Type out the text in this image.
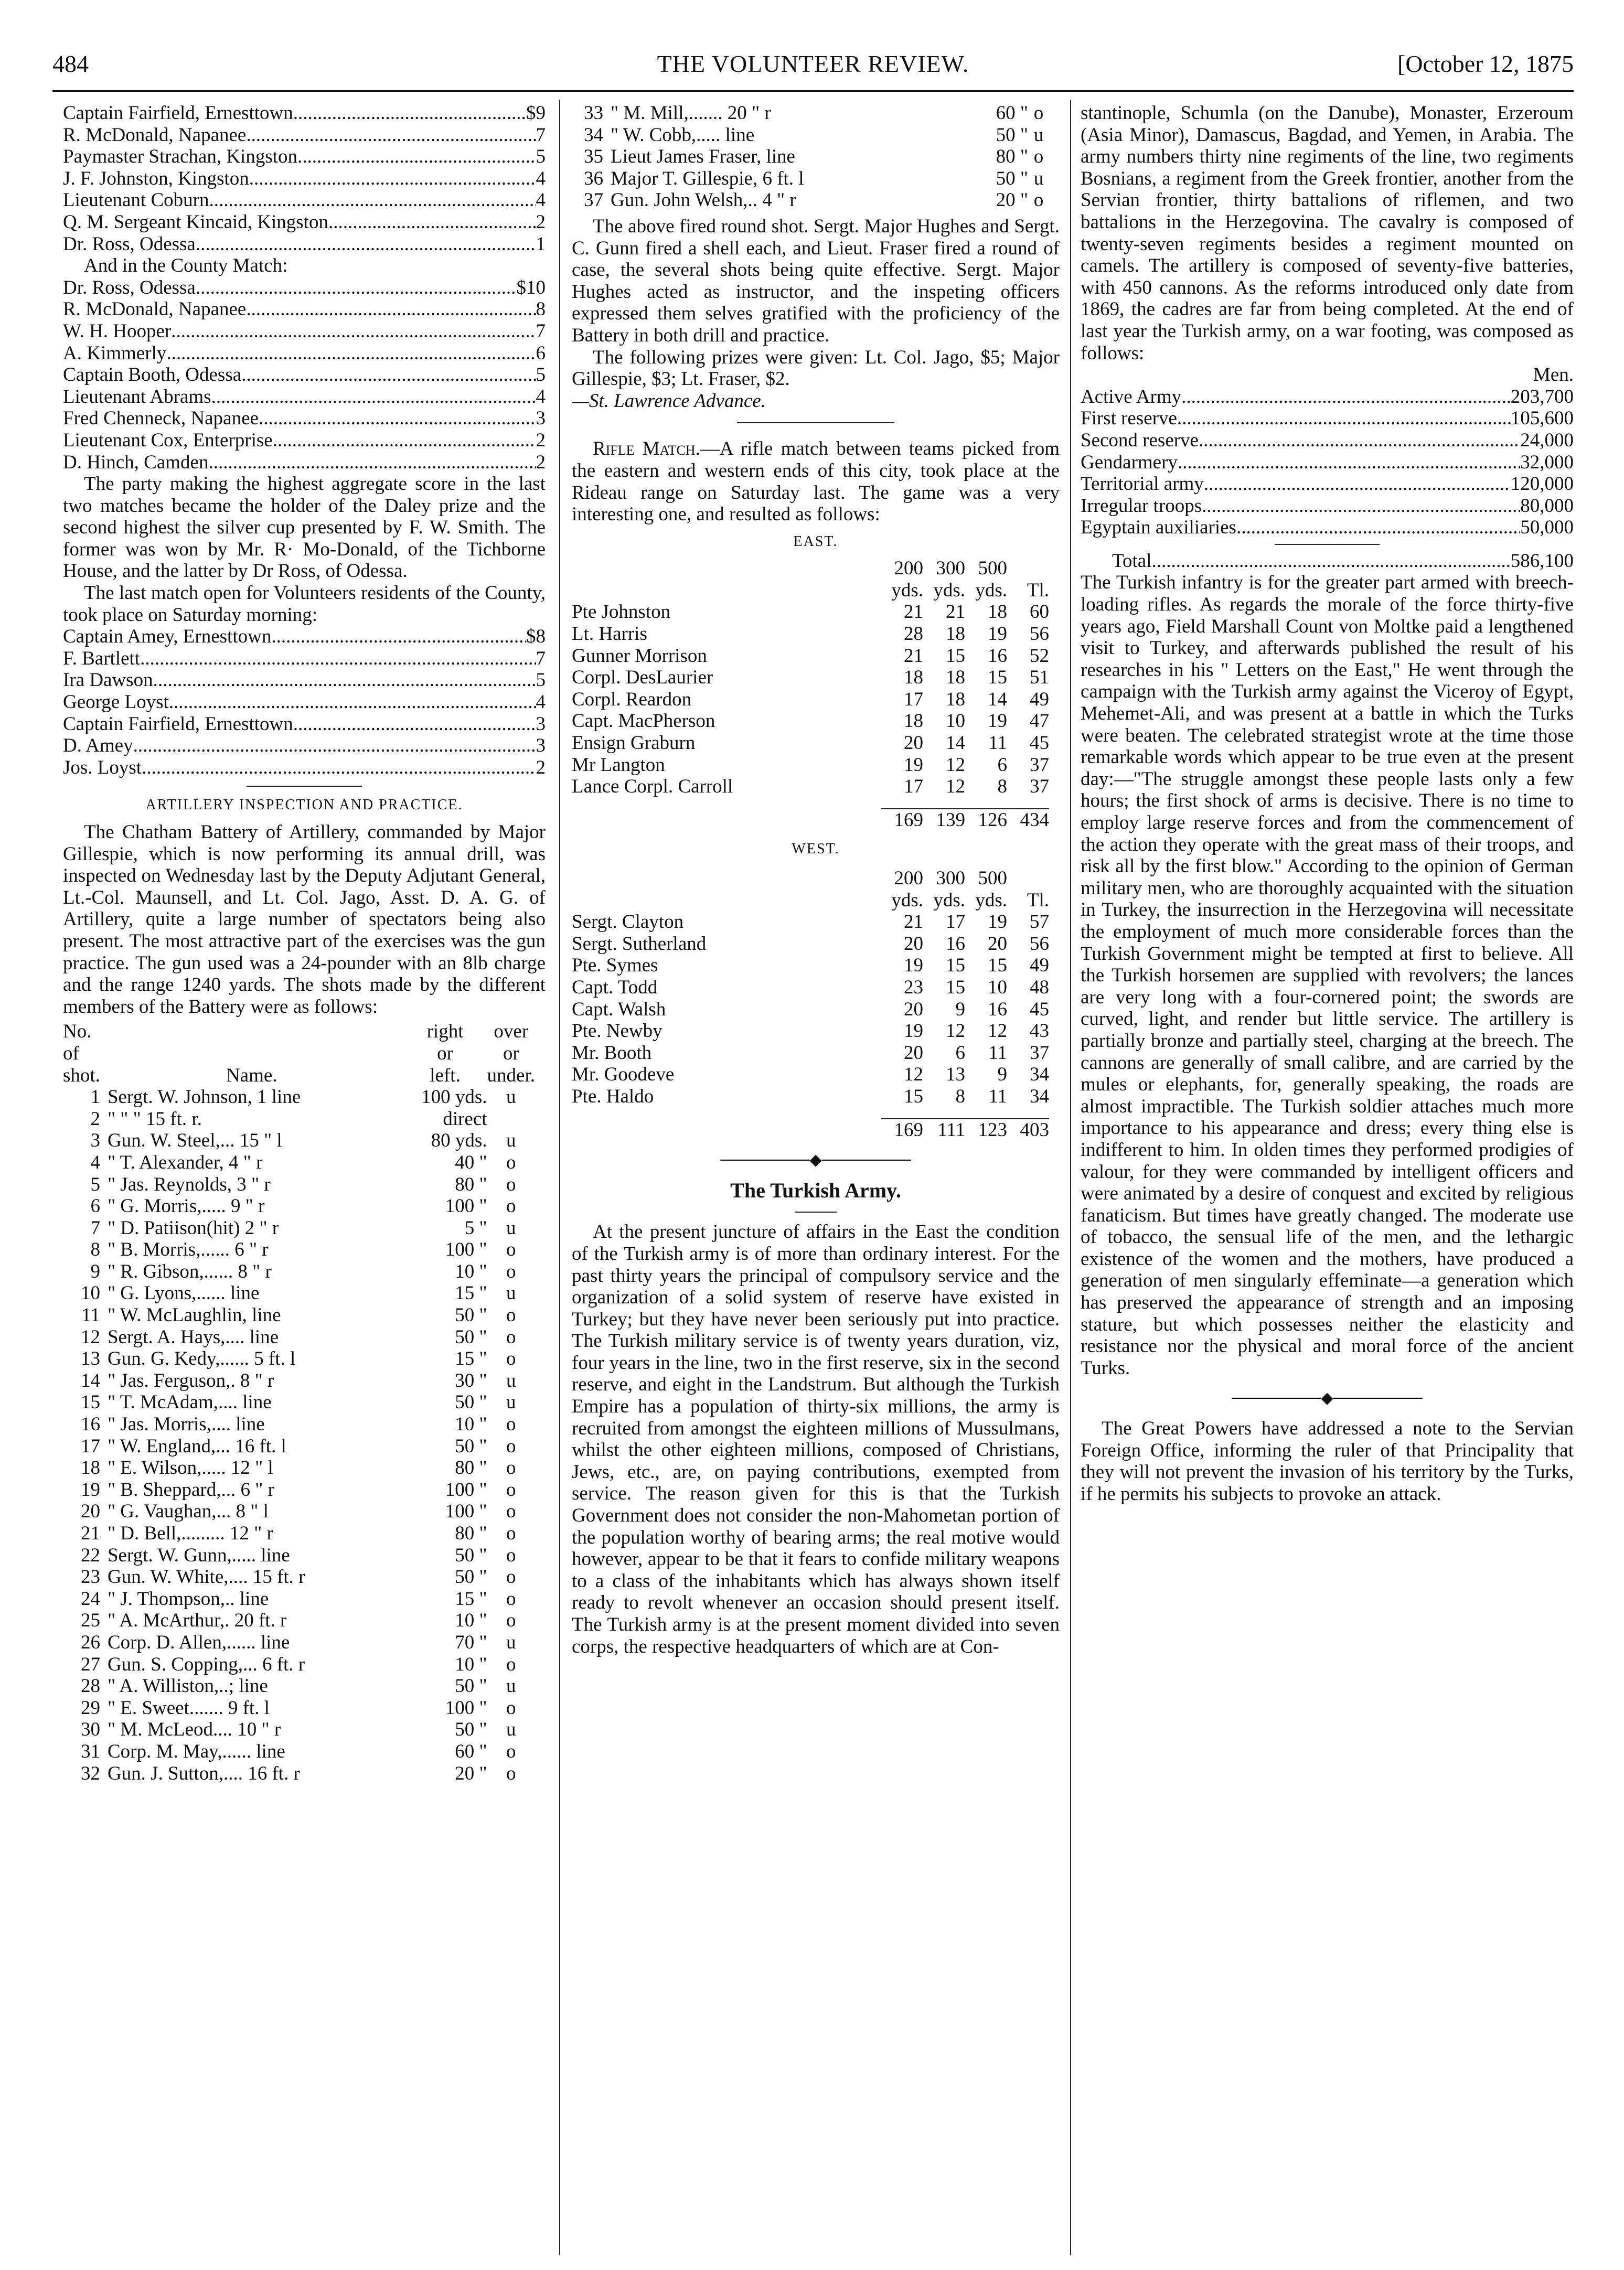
484	THE VOLUNTEER REVIEW.	[October 12, 1875
Captain Fairfield, Ernesttown .....	$9
R. McDonald, Napanee .....	7
Paymaster Strachan, Kingston .....	5
J. F. Johnston, Kingston .....	4
Lieutenant Coburn .....	4
Q. M. Sergeant Kincaid, Kingston .....	2
Dr. Ross, Odessa .....	1

And in the County Match:

Dr. Ross, Odessa .....	$10
R. McDonald, Napanee .....	8
W. H. Hooper .....	7
A. Kimmerly .....	6
Captain Booth, Odessa .....	5
Lieutenant Abrams .....	4
Fred Chenneck, Napanee .....	3
Lieutenant Cox, Enterprise .....	2
D. Hinch, Camden .....	2

The party making the highest aggregate score in the last two matches became the holder of the Daley prize and the second highest the silver cup presented by F. W. Smith. The former was won by Mr. R· Mo-Donald, of the Tichborne House, and the latter by Dr Ross, of Odessa.

The last match open for Volunteers residents of the County, took place on Saturday morning:

Captain Amey, Ernesttown .....	$8
F. Bartlett .....	7
Ira Dawson .....	5
George Loyst .....	4
Captain Fairfield, Ernesttown .....	3
D. Amey .....	3
Jos. Loyst .....	2
ARTILLERY INSPECTION AND PRACTICE.

The Chatham Battery of Artillery, commanded by Major Gillespie, which is now performing its annual drill, was inspected on Wednesday last by the Deputy Adjutant General, Lt.-Col. Maunsell, and Lt. Col. Jago, Asst. D. A. G. of Artillery, quite a large number of spectators being also present. The most attractive part of the exercises was the gun practice. The gun used was a 24-pounder with an 8lb charge and the range 1240 yards. The shots made by the different members of the Battery were as follows:

No.		right	over
of		or	or
shot.	Name.	left.	under.
1	Sergt. W. Johnson, 1 line	100 yds.	u
2	" " " 15 ft. r.	direct	
3	Gun. W. Steel,... 15 " l	80 yds.	u
4	" T. Alexander, 4 " r	40 "	o
5	" Jas. Reynolds, 3 " r	80 "	o
6	" G. Morris,..... 9 " r	100 "	o
7	" D. Patiison(hit) 2 " r	5 "	u
8	" B. Morris,...... 6 " r	100 "	o
9	" R. Gibson,...... 8 " r	10 "	o
10	" G. Lyons,...... line	15 "	u
11	" W. McLaughlin, line	50 "	o
12	Sergt. A. Hays,.... line	50 "	o
13	Gun. G. Kedy,...... 5 ft. l	15 "	o
14	" Jas. Ferguson,. 8 " r	30 "	u
15	" T. McAdam,.... line	50 "	u
16	" Jas. Morris,.... line	10 "	o
17	" W. England,... 16 ft. l	50 "	o
18	" E. Wilson,..... 12 " l	80 "	o
19	" B. Sheppard,... 6 " r	100 "	o
20	" G. Vaughan,... 8 " l	100 "	o
21	" D. Bell,......... 12 " r	80 "	o
22	Sergt. W. Gunn,..... line	50 "	o
23	Gun. W. White,.... 15 ft. r	50 "	o
24	" J. Thompson,.. line	15 "	o
25	" A. McArthur,. 20 ft. r	10 "	o
26	Corp. D. Allen,...... line	70 "	u
27	Gun. S. Copping,... 6 ft. r	10 "	o
28	" A. Williston,..; line	50 "	u
29	" E. Sweet....... 9 ft. l	100 "	o
30	" M. McLeod.... 10 " r	50 "	u
31	Corp. M. May,...... line	60 "	o
32	Gun. J. Sutton,.... 16 ft. r	20 "	o
33	" M. Mill,....... 20 " r	60 "	o
34	" W. Cobb,..... line	50 "	u
35	Lieut James Fraser, line	80 "	o
36	Major T. Gillespie, 6 ft. l	50 "	u
37	Gun. John Welsh,.. 4 " r	20 "	o

The above fired round shot. Sergt. Major Hughes and Sergt. C. Gunn fired a shell each, and Lieut. Fraser fired a round of case, the several shots being quite effective. Sergt. Major Hughes acted as instructor, and the inspeting officers expressed them selves gratified with the proficiency of the Battery in both drill and practice.

The following prizes were given: Lt. Col. Jago, $5; Major Gillespie, $3; Lt. Fraser, $2.

—St. Lawrence Advance.

Rifle Match.—A rifle match between teams picked from the eastern and western ends of this city, took place at the Rideau range on Saturday last. The game was a very interesting one, and resulted as follows:

EAST.
	200	300	500	
	yds.	yds.	yds.	Tl.
Pte Johnston	21	21	18	60
Lt. Harris	28	18	19	56
Gunner Morrison	21	15	16	52
Corpl. DesLaurier	18	18	15	51
Corpl. Reardon	17	18	14	49
Capt. MacPherson	18	10	19	47
Ensign Graburn	20	14	11	45
Mr Langton	19	12	6	37
Lance Corpl. Carroll	17	12	8	37

	169	139	126	434
WEST.
	200	300	500	
	yds.	yds.	yds.	Tl.
Sergt. Clayton	21	17	19	57
Sergt. Sutherland	20	16	20	56
Pte. Symes	19	15	15	49
Capt. Todd	23	15	10	48
Capt. Walsh	20	9	16	45
Pte. Newby	19	12	12	43
Mr. Booth	20	6	11	37
Mr. Goodeve	12	13	9	34
Pte. Haldo	15	8	11	34

	169	111	123	403
────────◆────────
The Turkish Army.

At the present juncture of affairs in the East the condition of the Turkish army is of more than ordinary interest. For the past thirty years the principal of compulsory service and the organization of a solid system of reserve have existed in Turkey; but they have never been seriously put into practice. The Turkish military service is of twenty years duration, viz, four years in the line, two in the first reserve, six in the second reserve, and eight in the Landstrum. But although the Turkish Empire has a population of thirty-six millions, the army is recruited from amongst the eighteen millions of Mussulmans, whilst the other eighteen millions, composed of Christians, Jews, etc., are, on paying contributions, exempted from service. The reason given for this is that the Turkish Government does not consider the non-Mahometan portion of the population worthy of bearing arms; the real motive would however, appear to be that it fears to confide military weapons to a class of the inhabitants which has always shown itself ready to revolt whenever an occasion should present itself. The Turkish army is at the present moment divided into seven corps, the respective headquarters of which are at Con-

stantinople, Schumla (on the Danube), Monaster, Erzeroum (Asia Minor), Damascus, Bagdad, and Yemen, in Arabia. The army numbers thirty nine regiments of the line, two regiments Bosnians, a regiment from the Greek frontier, another from the Servian frontier, thirty battalions of riflemen, and two battalions in the Herzegovina. The cavalry is composed of twenty-seven regiments besides a regiment mounted on camels. The artillery is composed of seventy-five batteries, with 450 cannons. As the reforms introduced only date from 1869, the cadres are far from being completed. At the end of last year the Turkish army, on a war footing, was composed as follows:

Men.
Active Army .....	203,700
First reserve .....	105,600
Second reserve .....	24,000
Gendarmery .....	32,000
Territorial army .....	120,000
Irregular troops .....	80,000
Egyptain auxiliaries .....	50,000
Total .....	586,100

The Turkish infantry is for the greater part armed with breech-loading rifles. As regards the morale of the force thirty-five years ago, Field Marshall Count von Moltke paid a lengthened visit to Turkey, and afterwards published the result of his researches in his " Letters on the East," He went through the campaign with the Turkish army against the Viceroy of Egypt, Mehemet-Ali, and was present at a battle in which the Turks were beaten. The celebrated strategist wrote at the time those remarkable words which appear to be true even at the present day:—"The struggle amongst these people lasts only a few hours; the first shock of arms is decisive. There is no time to employ large reserve forces and from the commencement of the action they operate with the great mass of their troops, and risk all by the first blow." According to the opinion of German military men, who are thoroughly acquainted with the situation in Turkey, the insurrection in the Herzegovina will necessitate the employment of much more considerable forces than the Turkish Government might be tempted at first to believe. All the Turkish horsemen are supplied with revolvers; the lances are very long with a four-cornered point; the swords are curved, light, and render but little service. The artillery is partially bronze and partially steel, charging at the breech. The cannons are generally of small calibre, and are carried by the mules or elephants, for, generally speaking, the roads are almost impractible. The Turkish soldier attaches much more importance to his appearance and dress; every thing else is indifferent to him. In olden times they performed prodigies of valour, for they were commanded by intelligent officers and were animated by a desire of conquest and excited by religious fanaticism. But times have greatly changed. The moderate use of tobacco, the sensual life of the men, and the lethargic existence of the women and the mothers, have produced a generation of men singularly effeminate—a generation which has preserved the appearance of strength and an imposing stature, but which possesses neither the elasticity and resistance nor the physical and moral force of the ancient Turks.

────────◆────────

The Great Powers have addressed a note to the Servian Foreign Office, informing the ruler of that Principality that they will not prevent the invasion of his territory by the Turks, if he permits his subjects to provoke an attack.
